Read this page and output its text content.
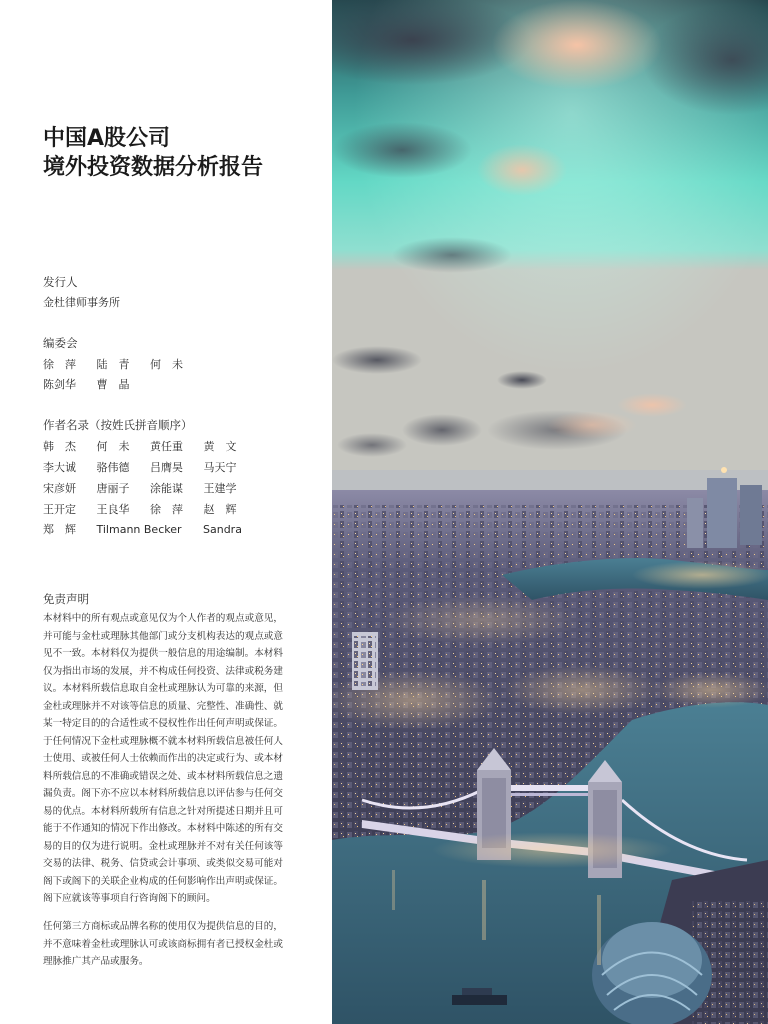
中国A股公司
境外投资数据分析报告
发行人
金杜律师事务所
编委会
徐　萍 陆　青 何　未
陈剑华 曹　晶
作者名录（按姓氏拼音顺序）
韩　杰 何　未 黄任重 黄　文
李大诚 骆伟德 吕膺昊 马天宁
宋彦妍 唐丽子 涂能谋 王建学
王开定 王良华 徐　萍 赵　辉
郑　辉 Tilmann Becker Sandra
免责声明

本材料中的所有观点或意见仅为个人作者的观点或意见，并可能与金杜或理脉其他部门或分支机构表达的观点或意见不一致。本材料仅为提供一般信息的用途编制。本材料仅为指出市场的发展，并不构成任何投资、法律或税务建议。本材料所载信息取自金杜或理脉认为可靠的来源，但金杜或理脉并不对该等信息的质量、完整性、准确性、就某一特定目的的合适性或不侵权性作出任何声明或保证。于任何情况下金杜或理脉概不就本材料所载信息被任何人士使用、或被任何人士依赖而作出的决定或行为、或本材料所载信息的不准确或错误之处、或本材料所载信息之遗漏负责。阁下亦不应以本材料所载信息以评估参与任何交易的优点。本材料所载所有信息之针对所提述日期并且可能于不作通知的情况下作出修改。本材料中陈述的所有交易的目的仅为进行说明。金杜或理脉并不对有关任何该等交易的法律、税务、信贷或会计事项、或类似交易可能对阁下或阁下的关联企业构成的任何影响作出声明或保证。阁下应就该等事项自行咨询阁下的顾问。

任何第三方商标或品牌名称的使用仅为提供信息的目的，并不意味着金杜或理脉认可或该商标拥有者已授权金杜或理脉推广其产品或服务。
